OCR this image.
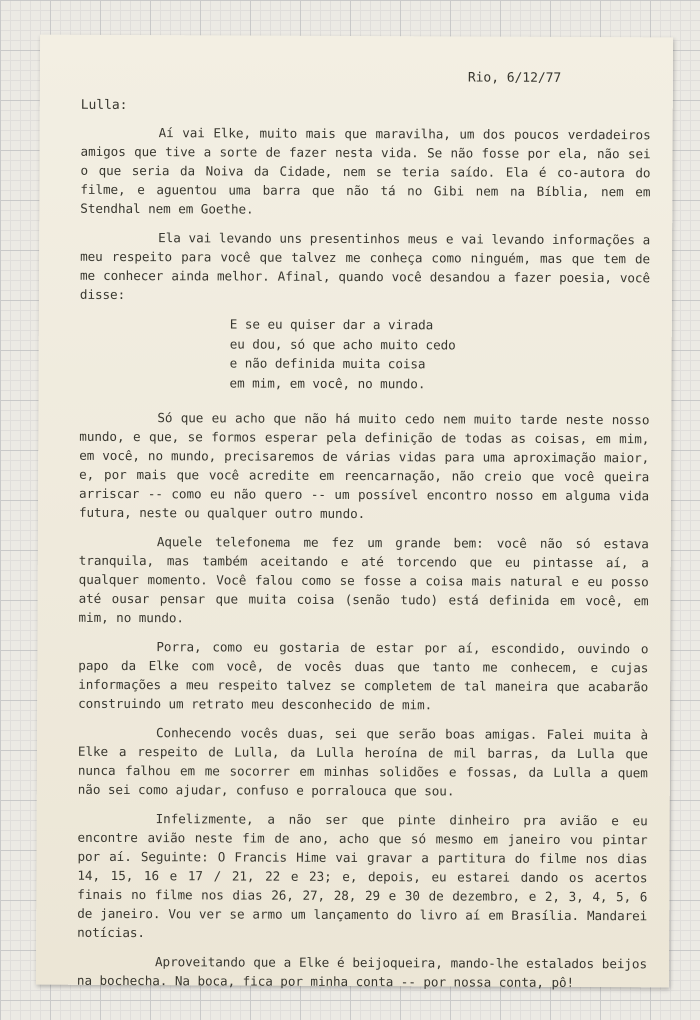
Rio, 6/12/77
Lulla:

Aí vai Elke, muito mais que maravilha, um dos poucos verdadeiros amigos que tive a sorte de fazer nesta vida. Se não fosse por ela, não sei o que seria da Noiva da Cidade, nem se teria saído. Ela é co-autora do filme, e aguentou uma barra que não tá no Gibi nem na Bíblia, nem em Stendhal nem em Goethe.

Ela vai levando uns presentinhos meus e vai levando informações a meu respeito para você que talvez me conheça como ninguém, mas que tem de me conhecer ainda melhor. Afinal, quando você desandou a fazer poesia, você disse:

E se eu quiser dar a virada
eu dou, só que acho muito cedo
e não definida muita coisa
em mim, em você, no mundo.

Só que eu acho que não há muito cedo nem muito tarde neste nosso mundo, e que, se formos esperar pela definição de todas as coisas, em mim, em você, no mundo, precisaremos de várias vidas para uma aproximação maior, e, por mais que você acredite em reencarnação, não creio que você queira arriscar -- como eu não quero -- um possível encontro nosso em alguma vida futura, neste ou qualquer outro mundo.

Aquele telefonema me fez um grande bem: você não só estava tranquila, mas também aceitando e até torcendo que eu pintasse aí, a qualquer momento. Você falou como se fosse a coisa mais natural e eu posso até ousar pensar que muita coisa (senão tudo) está definida em você, em mim, no mundo.

Porra, como eu gostaria de estar por aí, escondido, ouvindo o papo da Elke com você, de vocês duas que tanto me conhecem, e cujas informações a meu respeito talvez se completem de tal maneira que acabarão construindo um retrato meu desconhecido de mim.

Conhecendo vocês duas, sei que serão boas amigas. Falei muita à Elke a respeito de Lulla, da Lulla heroína de mil barras, da Lulla que nunca falhou em me socorrer em minhas solidões e fossas, da Lulla a quem não sei como ajudar, confuso e porralouca que sou.

Infelizmente, a não ser que pinte dinheiro pra avião e eu encontre avião neste fim de ano, acho que só mesmo em janeiro vou pintar por aí. Seguinte: O Francis Hime vai gravar a partitura do filme nos dias 14, 15, 16 e 17 / 21, 22 e 23; e, depois, eu estarei dando os acertos finais no filme nos dias 26, 27, 28, 29 e 30 de dezembro, e 2, 3, 4, 5, 6 de janeiro. Vou ver se armo um lançamento do livro aí em Brasília. Mandarei notícias.

Aproveitando que a Elke é beijoqueira, mando-lhe estalados beijos na bochecha. Na boca, fica por minha conta -- por nossa conta, pô!
